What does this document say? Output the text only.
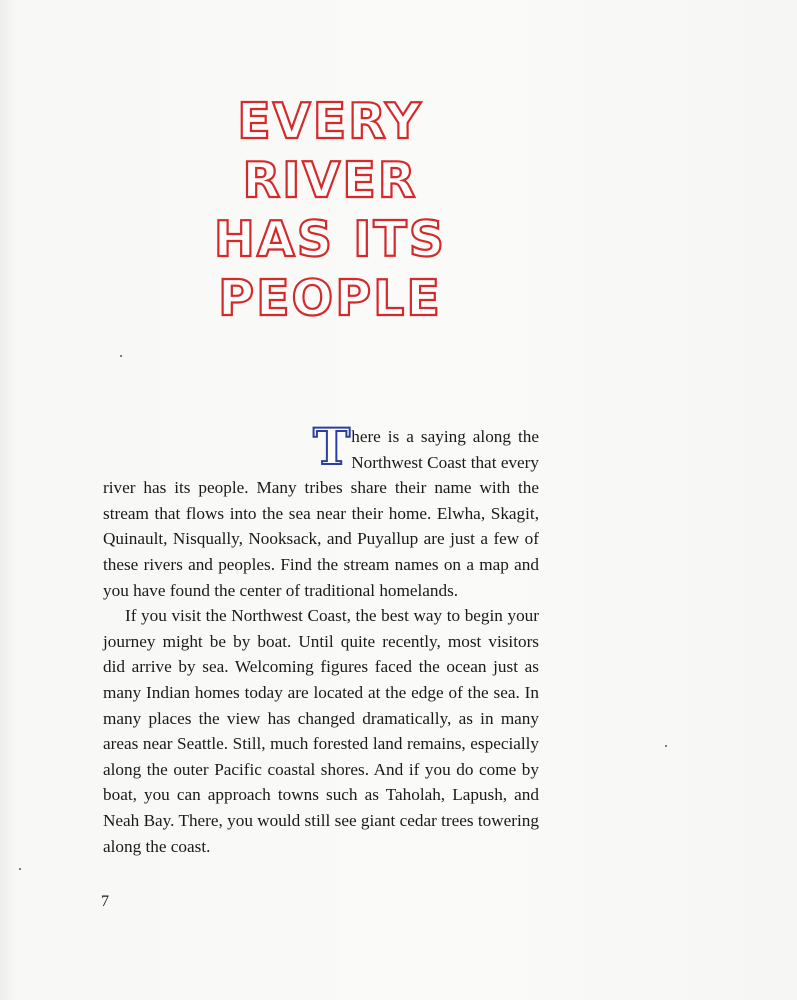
EVERY
RIVER
HAS ITS
PEOPLE

There is a saying along the Northwest Coast that every river has its people. Many tribes share their name with the stream that flows into the sea near their home. Elwha, Skagit, Quinault, Nisqually, Nooksack, and Puyallup are just a few of these rivers and peoples. Find the stream names on a map and you have found the center of traditional homelands.

If you visit the Northwest Coast, the best way to begin your journey might be by boat. Until quite recently, most visitors did arrive by sea. Welcoming figures faced the ocean just as many Indian homes today are located at the edge of the sea. In many places the view has changed dramatically, as in many areas near Seattle. Still, much forested land remains, especially along the outer Pacific coastal shores. And if you do come by boat, you can approach towns such as Taholah, Lapush, and Neah Bay. There, you would still see giant cedar trees towering along the coast.

7
